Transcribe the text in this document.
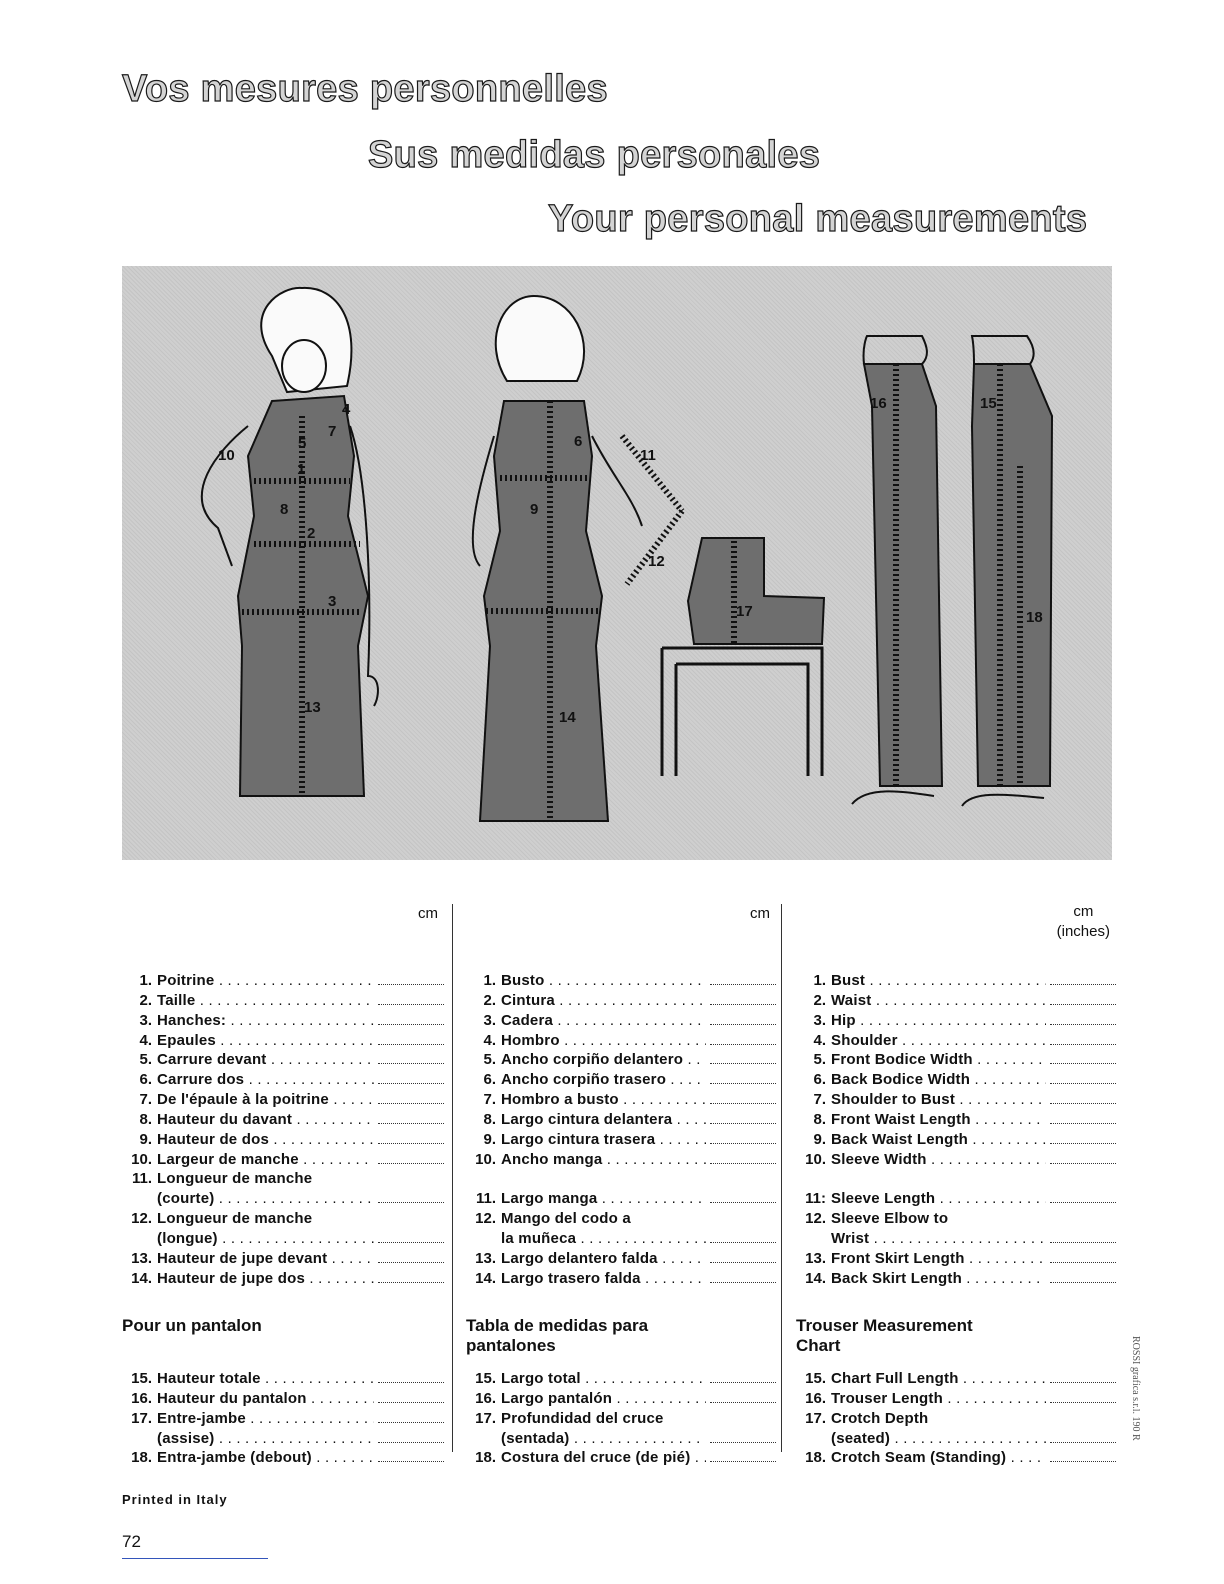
Vos mesures personnelles
Sus medidas personales
Your personal measurements
1
2
3
4
5	6
7
8	9
10	11
12
13
14
15
16
17	18
cm
1. Poitrine . . .
2. Taille . . .
3. Hanches: . . .
4. Epaules . . .
5. Carrure devant . . .
6. Carrure dos . . .
7. De l'épaule à la poitrine . . .
8. Hauteur du davant . . .
9. Hauteur de dos . . .
10. Largeur de manche . . .
11. Longueur de manche
(courte) . . .
12. Longueur de manche
(longue) . . .
13. Hauteur de jupe devant . . .
14. Hauteur de jupe dos . . .
Pour un pantalon
15. Hauteur totale . . .
16. Hauteur du pantalon . . .
17. Entre-jambe . . .
(assise) . . .
18. Entra-jambe (debout) . . .
cm
1. Busto . . .
2. Cintura . . .
3. Cadera . . .
4. Hombro . . .
5. Ancho corpiño delantero . . .
6. Ancho corpiño trasero . . .
7. Hombro a busto . . .
8. Largo cintura delantera . . .
9. Largo cintura trasera . . .
10. Ancho manga . . .
11. Largo manga . . .
12. Mango del codo a
la muñeca . . .
13. Largo delantero falda . . .
14. Largo trasero falda . . .
Tabla de medidas para pantalones
15. Largo total . . .
16. Largo pantalón . . .
17. Profundidad del cruce
(sentada) . . .
18. Costura del cruce (de pié) . . .
cm
(inches)
1. Bust . . .
2. Waist . . .
3. Hip . . .
4. Shoulder . . .
5. Front Bodice Width . . .
6. Back Bodice Width . . .
7. Shoulder to Bust . . .
8. Front Waist Length . . .
9. Back Waist Length . . .
10. Sleeve Width . . .
11: Sleeve Length . . .
12. Sleeve Elbow to
Wrist . . .
13. Front Skirt Length . . .
14. Back Skirt Length . . .
Trouser Measurement Chart
15. Chart Full Length . . .
16. Trouser Length . . .
17. Crotch Depth
(seated) . . .
18. Crotch Seam (Standing) . . .
ROSSI grafica s.r.l. 190 R
Printed in Italy
72
